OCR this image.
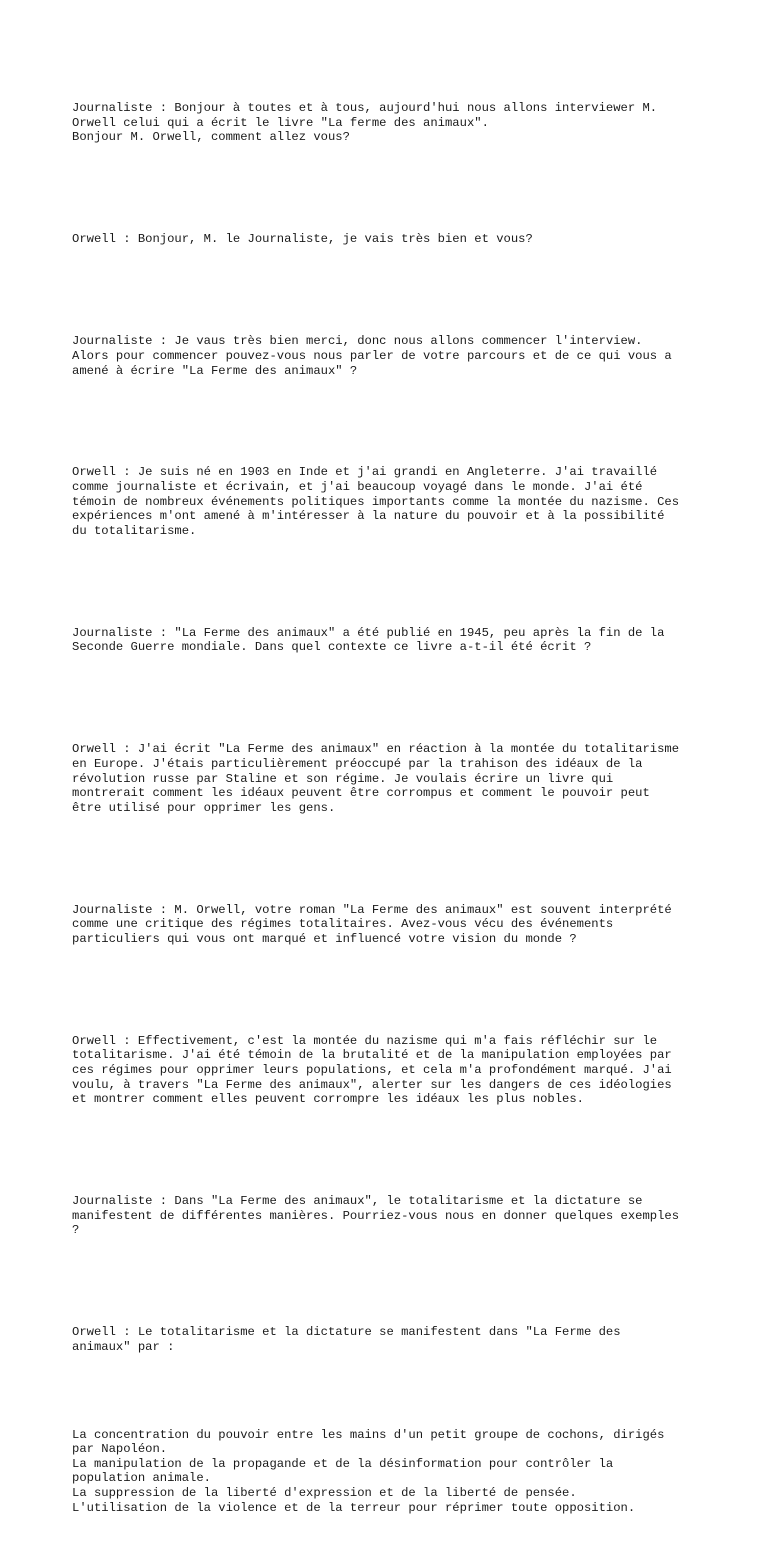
Journaliste : Bonjour à toutes et à tous, aujourd'hui nous allons interviewer M.
Orwell celui qui a écrit le livre "La ferme des animaux".
Bonjour M. Orwell, comment allez vous?

Orwell : Bonjour, M. le Journaliste, je vais très bien et vous?

Journaliste : Je vaus très bien merci, donc nous allons commencer l'interview.
Alors pour commencer pouvez-vous nous parler de votre parcours et de ce qui vous a
amené à écrire "La Ferme des animaux" ?

Orwell : Je suis né en 1903 en Inde et j'ai grandi en Angleterre. J'ai travaillé
comme journaliste et écrivain, et j'ai beaucoup voyagé dans le monde. J'ai été
témoin de nombreux événements politiques importants comme la montée du nazisme. Ces
expériences m'ont amené à m'intéresser à la nature du pouvoir et à la possibilité
du totalitarisme.

Journaliste : "La Ferme des animaux" a été publié en 1945, peu après la fin de la
Seconde Guerre mondiale. Dans quel contexte ce livre a-t-il été écrit ?

Orwell : J'ai écrit "La Ferme des animaux" en réaction à la montée du totalitarisme
en Europe. J'étais particulièrement préoccupé par la trahison des idéaux de la
révolution russe par Staline et son régime. Je voulais écrire un livre qui
montrerait comment les idéaux peuvent être corrompus et comment le pouvoir peut
être utilisé pour opprimer les gens.

Journaliste : M. Orwell, votre roman "La Ferme des animaux" est souvent interprété
comme une critique des régimes totalitaires. Avez-vous vécu des événements
particuliers qui vous ont marqué et influencé votre vision du monde ?

Orwell : Effectivement, c'est la montée du nazisme qui m'a fais réfléchir sur le
totalitarisme. J'ai été témoin de la brutalité et de la manipulation employées par
ces régimes pour opprimer leurs populations, et cela m'a profondément marqué. J'ai
voulu, à travers "La Ferme des animaux", alerter sur les dangers de ces idéologies
et montrer comment elles peuvent corrompre les idéaux les plus nobles.

Journaliste : Dans "La Ferme des animaux", le totalitarisme et la dictature se
manifestent de différentes manières. Pourriez-vous nous en donner quelques exemples
?

Orwell : Le totalitarisme et la dictature se manifestent dans "La Ferme des
animaux" par :

La concentration du pouvoir entre les mains d'un petit groupe de cochons, dirigés
par Napoléon.
La manipulation de la propagande et de la désinformation pour contrôler la
population animale.
La suppression de la liberté d'expression et de la liberté de pensée.
L'utilisation de la violence et de la terreur pour réprimer toute opposition.
